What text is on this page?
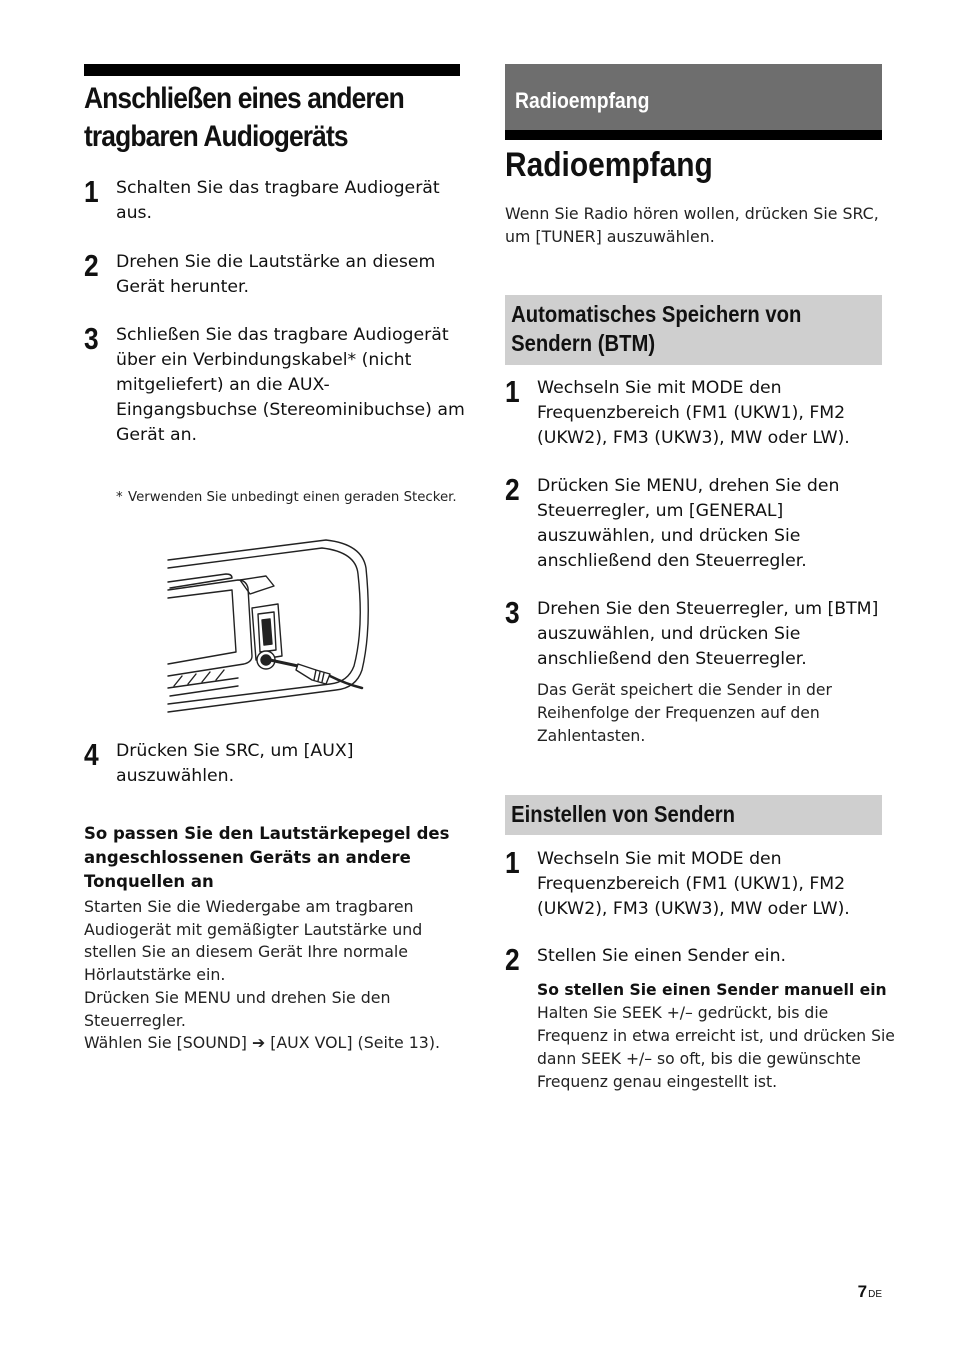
Anschließen eines anderen
tragbaren Audiogeräts
1 Schalten Sie das tragbare Audiogerät aus.

2 Drehen Sie die Lautstärke an diesem Gerät herunter.

3 Schließen Sie das tragbare Audiogerät über ein Verbindungskabel* (nicht mitgeliefert) an die AUX-Eingangsbuchse (Stereominibuchse) am Gerät an.

* Verwenden Sie unbedingt einen geraden Stecker.
4 Drücken Sie SRC, um [AUX] auszuwählen.

So passen Sie den Lautstärkepegel des angeschlossenen Geräts an andere Tonquellen an

Starten Sie die Wiedergabe am tragbaren Audiogerät mit gemäßigter Lautstärke und stellen Sie an diesem Gerät Ihre normale Hörlautstärke ein.
Drücken Sie MENU und drehen Sie den Steuerregler.
Wählen Sie [SOUND] ➔ [AUX VOL] (Seite 13).

Radioempfang

Radioempfang

Wenn Sie Radio hören wollen, drücken Sie SRC, um [TUNER] auszuwählen.

Automatisches Speichern von Sendern (BTM)

1 Wechseln Sie mit MODE den Frequenzbereich (FM1 (UKW1), FM2 (UKW2), FM3 (UKW3), MW oder LW).

2 Drücken Sie MENU, drehen Sie den Steuerregler, um [GENERAL] auszuwählen, und drücken Sie anschließend den Steuerregler.

3 Drehen Sie den Steuerregler, um [BTM] auszuwählen, und drücken Sie anschließend den Steuerregler.

Das Gerät speichert die Sender in der Reihenfolge der Frequenzen auf den Zahlentasten.

Einstellen von Sendern

1 Wechseln Sie mit MODE den Frequenzbereich (FM1 (UKW1), FM2 (UKW2), FM3 (UKW3), MW oder LW).

2 Stellen Sie einen Sender ein.

So stellen Sie einen Sender manuell ein
Halten Sie SEEK +/– gedrückt, bis die Frequenz in etwa erreicht ist, und drücken Sie dann SEEK +/– so oft, bis die gewünschte Frequenz genau eingestellt ist.
7DE
